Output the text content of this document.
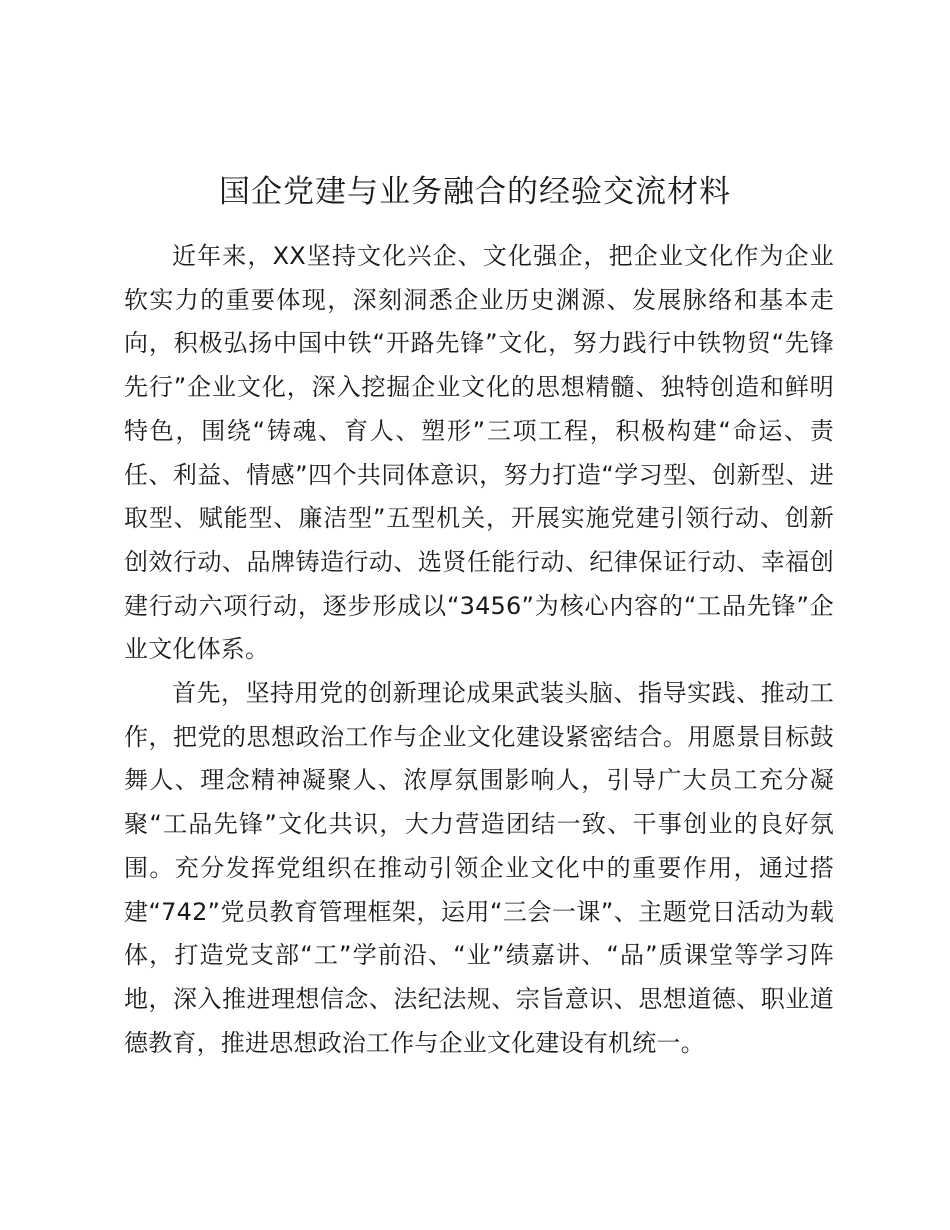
国企党建与业务融合的经验交流材料

近年来，XX坚持文化兴企、文化强企，把企业文化作为企业软实力的重要体现，深刻洞悉企业历史渊源、发展脉络和基本走向，积极弘扬中国中铁“开路先锋”文化，努力践行中铁物贸“先锋先行”企业文化，深入挖掘企业文化的思想精髓、独特创造和鲜明特色，围绕“铸魂、育人、塑形”三项工程，积极构建“命运、责任、利益、情感”四个共同体意识，努力打造“学习型、创新型、进取型、赋能型、廉洁型”五型机关，开展实施党建引领行动、创新创效行动、品牌铸造行动、选贤任能行动、纪律保证行动、幸福创建行动六项行动，逐步形成以“3456”为核心内容的“工品先锋”企业文化体系。

首先，坚持用党的创新理论成果武装头脑、指导实践、推动工作，把党的思想政治工作与企业文化建设紧密结合。用愿景目标鼓舞人、理念精神凝聚人、浓厚氛围影响人，引导广大员工充分凝聚“工品先锋”文化共识，大力营造团结一致、干事创业的良好氛围。充分发挥党组织在推动引领企业文化中的重要作用，通过搭建“742”党员教育管理框架，运用“三会一课”、主题党日活动为载体，打造党支部“工”学前沿、“业”绩嘉讲、“品”质课堂等学习阵地，深入推进理想信念、法纪法规、宗旨意识、思想道德、职业道德教育，推进思想政治工作与企业文化建设有机统一。
